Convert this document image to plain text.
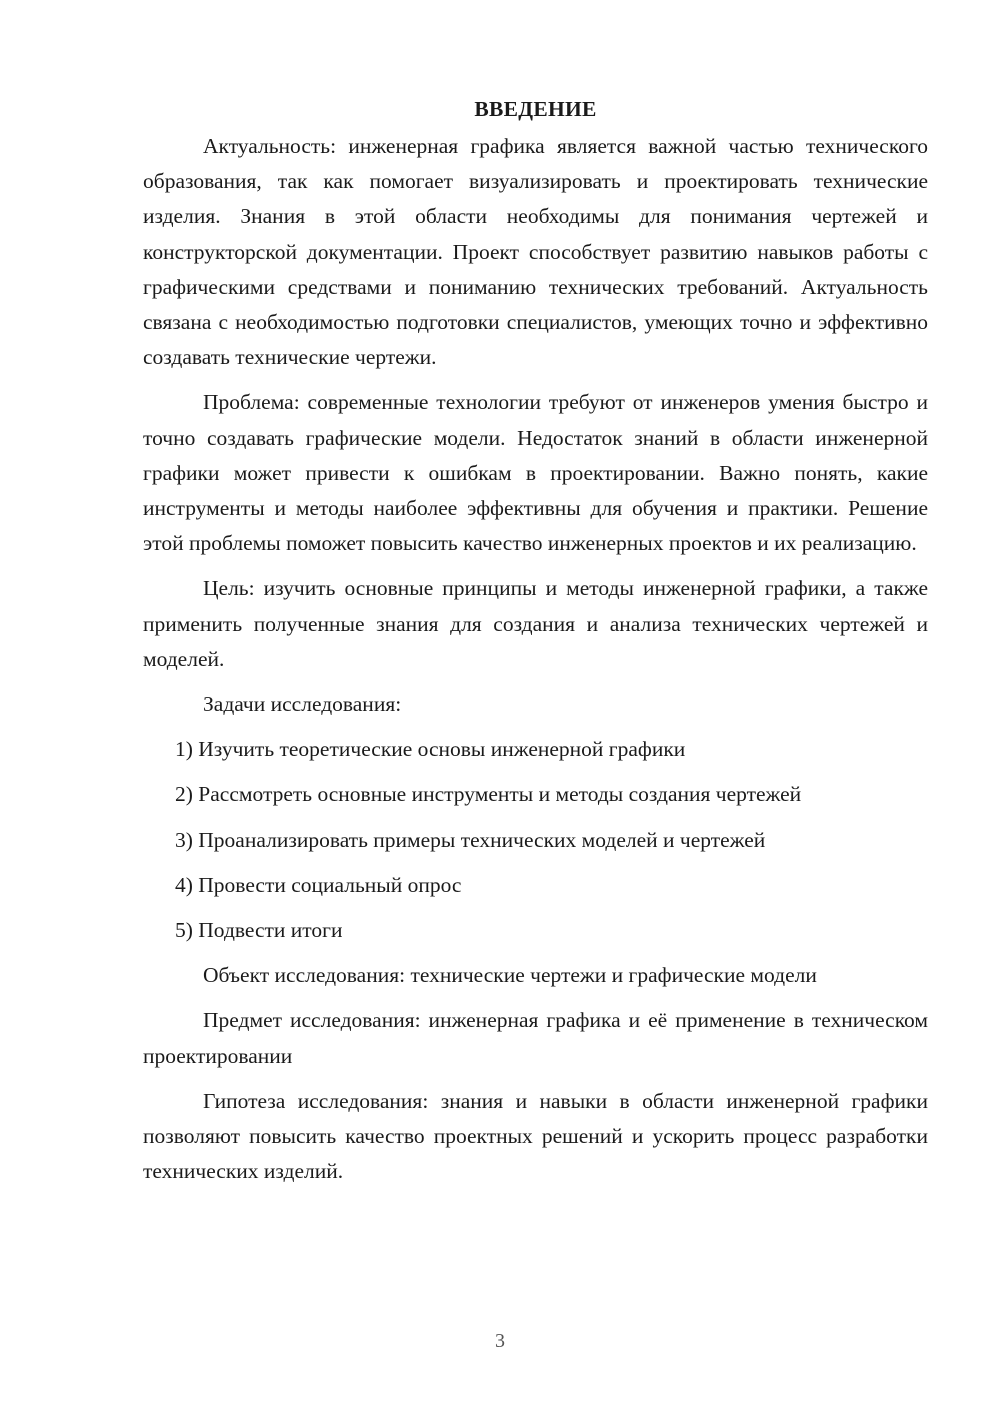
ВВЕДЕНИЕ

Актуальность: инженерная графика является важной частью технического образования, так как помогает визуализировать и проектировать технические изделия. Знания в этой области необходимы для понимания чертежей и конструкторской документации. Проект способствует развитию навыков работы с графическими средствами и пониманию технических требований. Актуальность связана с необходимостью подготовки специалистов, умеющих точно и эффективно создавать технические чертежи.

Проблема: современные технологии требуют от инженеров умения быстро и точно создавать графические модели. Недостаток знаний в области инженерной графики может привести к ошибкам в проектировании. Важно понять, какие инструменты и методы наиболее эффективны для обучения и практики. Решение этой проблемы поможет повысить качество инженерных проектов и их реализацию.

Цель: изучить основные принципы и методы инженерной графики, а также применить полученные знания для создания и анализа технических чертежей и моделей.

Задачи исследования:

1) Изучить теоретические основы инженерной графики

2) Рассмотреть основные инструменты и методы создания чертежей

3) Проанализировать примеры технических моделей и чертежей

4) Провести социальный опрос

5) Подвести итоги

Объект исследования: технические чертежи и графические модели

Предмет исследования: инженерная графика и её применение в техническом проектировании

Гипотеза исследования: знания и навыки в области инженерной графики позволяют повысить качество проектных решений и ускорить процесс разработки технических изделий.

3
